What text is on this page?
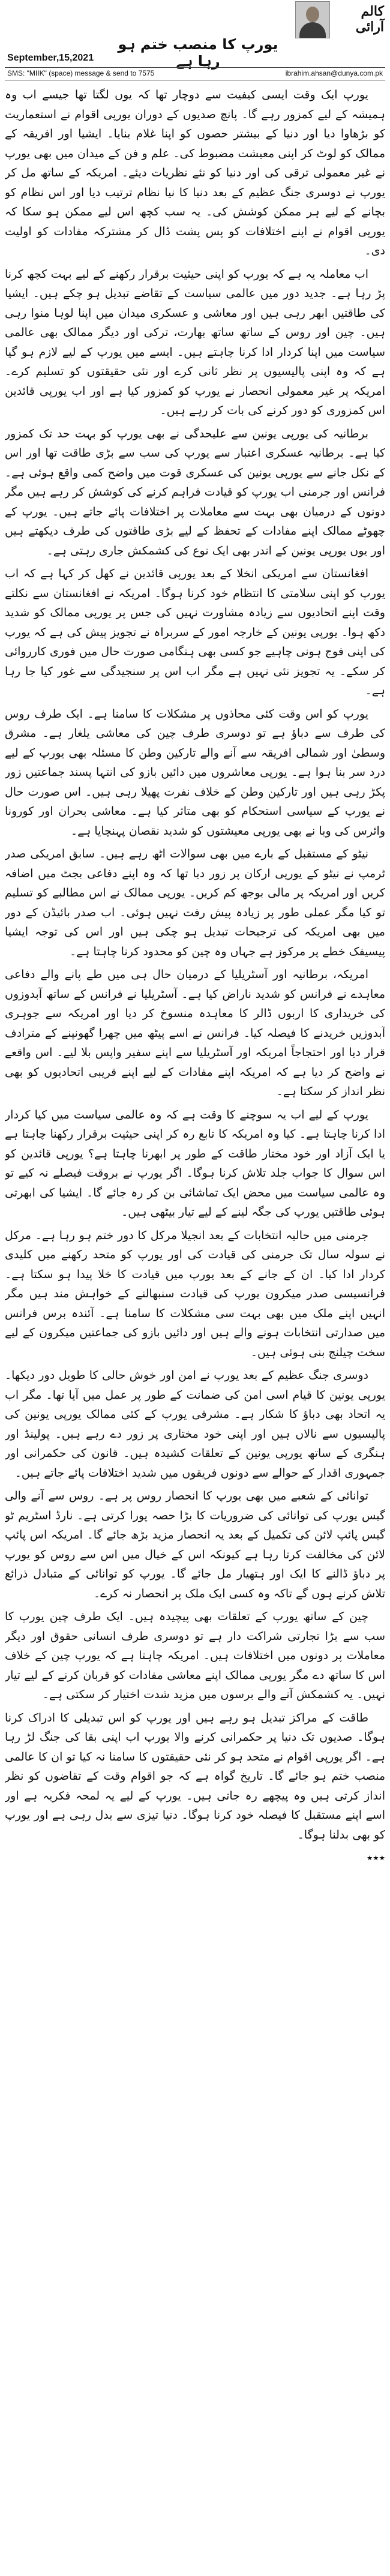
September,15,2021
کالم آرائی
یورپ کا منصب ختم ہو رہا ہے
SMS: "MIIK" (space) message & send to 7575	ibrahim.ahsan@dunya.com.pk

یورپ ایک وقت ایسی کیفیت سے دوچار تھا کہ یوں لگتا تھا جیسے اب وہ ہمیشہ کے لیے کمزور رہے گا۔ پانچ صدیوں کے دوران یورپی اقوام نے استعماریت کو بڑھاوا دیا اور دنیا کے بیشتر حصوں کو اپنا غلام بنایا۔ ایشیا اور افریقہ کے ممالک کو لوٹ کر اپنی معیشت مضبوط کی۔ علم و فن کے میدان میں بھی یورپ نے غیر معمولی ترقی کی اور دنیا کو نئے نظریات دیئے۔ امریکہ کے ساتھ مل کر یورپ نے دوسری جنگ عظیم کے بعد دنیا کا نیا نظام ترتیب دیا اور اس نظام کو بچانے کے لیے ہر ممکن کوشش کی۔ یہ سب کچھ اس لیے ممکن ہو سکا کہ یورپی اقوام نے اپنے اختلافات کو پس پشت ڈال کر مشترکہ مفادات کو اولیت دی۔

اب معاملہ یہ ہے کہ یورپ کو اپنی حیثیت برقرار رکھنے کے لیے بہت کچھ کرنا پڑ رہا ہے۔ جدید دور میں عالمی سیاست کے تقاضے تبدیل ہو چکے ہیں۔ ایشیا کی طاقتیں ابھر رہی ہیں اور معاشی و عسکری میدان میں اپنا لوہا منوا رہی ہیں۔ چین اور روس کے ساتھ ساتھ بھارت، ترکی اور دیگر ممالک بھی عالمی سیاست میں اپنا کردار ادا کرنا چاہتے ہیں۔ ایسے میں یورپ کے لیے لازم ہو گیا ہے کہ وہ اپنی پالیسیوں پر نظر ثانی کرے اور نئی حقیقتوں کو تسلیم کرے۔ امریکہ پر غیر معمولی انحصار نے یورپ کو کمزور کیا ہے اور اب یورپی قائدین اس کمزوری کو دور کرنے کی بات کر رہے ہیں۔

برطانیہ کی یورپی یونین سے علیحدگی نے بھی یورپ کو بہت حد تک کمزور کیا ہے۔ برطانیہ عسکری اعتبار سے یورپ کی سب سے بڑی طاقت تھا اور اس کے نکل جانے سے یورپی یونین کی عسکری قوت میں واضح کمی واقع ہوئی ہے۔ فرانس اور جرمنی اب یورپ کو قیادت فراہم کرنے کی کوشش کر رہے ہیں مگر دونوں کے درمیان بھی بہت سے معاملات پر اختلافات پائے جاتے ہیں۔ یورپ کے چھوٹے ممالک اپنے مفادات کے تحفظ کے لیے بڑی طاقتوں کی طرف دیکھتے ہیں اور یوں یورپی یونین کے اندر بھی ایک نوع کی کشمکش جاری رہتی ہے۔

افغانستان سے امریکی انخلا کے بعد یورپی قائدین نے کھل کر کہا ہے کہ اب یورپ کو اپنی سلامتی کا انتظام خود کرنا ہوگا۔ امریکہ نے افغانستان سے نکلتے وقت اپنے اتحادیوں سے زیادہ مشاورت نہیں کی جس پر یورپی ممالک کو شدید دکھ ہوا۔ یورپی یونین کے خارجہ امور کے سربراہ نے تجویز پیش کی ہے کہ یورپ کی اپنی فوج ہونی چاہیے جو کسی بھی ہنگامی صورت حال میں فوری کارروائی کر سکے۔ یہ تجویز نئی نہیں ہے مگر اب اس پر سنجیدگی سے غور کیا جا رہا ہے۔

یورپ کو اس وقت کئی محاذوں پر مشکلات کا سامنا ہے۔ ایک طرف روس کی طرف سے دباؤ ہے تو دوسری طرف چین کی معاشی یلغار ہے۔ مشرق وسطیٰ اور شمالی افریقہ سے آنے والے تارکین وطن کا مسئلہ بھی یورپ کے لیے درد سر بنا ہوا ہے۔ یورپی معاشروں میں دائیں بازو کی انتہا پسند جماعتیں زور پکڑ رہی ہیں اور تارکین وطن کے خلاف نفرت پھیلا رہی ہیں۔ اس صورت حال نے یورپ کے سیاسی استحکام کو بھی متاثر کیا ہے۔ معاشی بحران اور کورونا وائرس کی وبا نے بھی یورپی معیشتوں کو شدید نقصان پہنچایا ہے۔

نیٹو کے مستقبل کے بارے میں بھی سوالات اٹھ رہے ہیں۔ سابق امریکی صدر ٹرمپ نے نیٹو کے یورپی ارکان پر زور دیا تھا کہ وہ اپنے دفاعی بجٹ میں اضافہ کریں اور امریکہ پر مالی بوجھ کم کریں۔ یورپی ممالک نے اس مطالبے کو تسلیم تو کیا مگر عملی طور پر زیادہ پیش رفت نہیں ہوئی۔ اب صدر بائیڈن کے دور میں بھی امریکہ کی ترجیحات تبدیل ہو چکی ہیں اور اس کی توجہ ایشیا پیسیفک خطے پر مرکوز ہے جہاں وہ چین کو محدود کرنا چاہتا ہے۔

امریکہ، برطانیہ اور آسٹریلیا کے درمیان حال ہی میں طے پانے والے دفاعی معاہدے نے فرانس کو شدید ناراض کیا ہے۔ آسٹریلیا نے فرانس کے ساتھ آبدوزوں کی خریداری کا اربوں ڈالر کا معاہدہ منسوخ کر دیا اور امریکہ سے جوہری آبدوزیں خریدنے کا فیصلہ کیا۔ فرانس نے اسے پیٹھ میں چھرا گھونپنے کے مترادف قرار دیا اور احتجاجاً امریکہ اور آسٹریلیا سے اپنے سفیر واپس بلا لیے۔ اس واقعے نے واضح کر دیا ہے کہ امریکہ اپنے مفادات کے لیے اپنے قریبی اتحادیوں کو بھی نظر انداز کر سکتا ہے۔

یورپ کے لیے اب یہ سوچنے کا وقت ہے کہ وہ عالمی سیاست میں کیا کردار ادا کرنا چاہتا ہے۔ کیا وہ امریکہ کا تابع رہ کر اپنی حیثیت برقرار رکھنا چاہتا ہے یا ایک آزاد اور خود مختار طاقت کے طور پر ابھرنا چاہتا ہے؟ یورپی قائدین کو اس سوال کا جواب جلد تلاش کرنا ہوگا۔ اگر یورپ نے بروقت فیصلے نہ کیے تو وہ عالمی سیاست میں محض ایک تماشائی بن کر رہ جائے گا۔ ایشیا کی ابھرتی ہوئی طاقتیں یورپ کی جگہ لینے کے لیے تیار بیٹھی ہیں۔

جرمنی میں حالیہ انتخابات کے بعد انجیلا مرکل کا دور ختم ہو رہا ہے۔ مرکل نے سولہ سال تک جرمنی کی قیادت کی اور یورپ کو متحد رکھنے میں کلیدی کردار ادا کیا۔ ان کے جانے کے بعد یورپ میں قیادت کا خلا پیدا ہو سکتا ہے۔ فرانسیسی صدر میکرون یورپ کی قیادت سنبھالنے کے خواہش مند ہیں مگر انہیں اپنے ملک میں بھی بہت سی مشکلات کا سامنا ہے۔ آئندہ برس فرانس میں صدارتی انتخابات ہونے والے ہیں اور دائیں بازو کی جماعتیں میکرون کے لیے سخت چیلنج بنی ہوئی ہیں۔

دوسری جنگ عظیم کے بعد یورپ نے امن اور خوش حالی کا طویل دور دیکھا۔ یورپی یونین کا قیام اسی امن کی ضمانت کے طور پر عمل میں آیا تھا۔ مگر اب یہ اتحاد بھی دباؤ کا شکار ہے۔ مشرقی یورپ کے کئی ممالک یورپی یونین کی پالیسیوں سے نالاں ہیں اور اپنی خود مختاری پر زور دے رہے ہیں۔ پولینڈ اور ہنگری کے ساتھ یورپی یونین کے تعلقات کشیدہ ہیں۔ قانون کی حکمرانی اور جمہوری اقدار کے حوالے سے دونوں فریقوں میں شدید اختلافات پائے جاتے ہیں۔

توانائی کے شعبے میں بھی یورپ کا انحصار روس پر ہے۔ روس سے آنے والی گیس یورپ کی توانائی کی ضروریات کا بڑا حصہ پورا کرتی ہے۔ نارڈ اسٹریم ٹو گیس پائپ لائن کی تکمیل کے بعد یہ انحصار مزید بڑھ جائے گا۔ امریکہ اس پائپ لائن کی مخالفت کرتا رہا ہے کیونکہ اس کے خیال میں اس سے روس کو یورپ پر دباؤ ڈالنے کا ایک اور ہتھیار مل جائے گا۔ یورپ کو توانائی کے متبادل ذرائع تلاش کرنے ہوں گے تاکہ وہ کسی ایک ملک پر انحصار نہ کرے۔

چین کے ساتھ یورپ کے تعلقات بھی پیچیدہ ہیں۔ ایک طرف چین یورپ کا سب سے بڑا تجارتی شراکت دار ہے تو دوسری طرف انسانی حقوق اور دیگر معاملات پر دونوں میں اختلافات ہیں۔ امریکہ چاہتا ہے کہ یورپ چین کے خلاف اس کا ساتھ دے مگر یورپی ممالک اپنے معاشی مفادات کو قربان کرنے کے لیے تیار نہیں۔ یہ کشمکش آنے والے برسوں میں مزید شدت اختیار کر سکتی ہے۔

طاقت کے مراکز تبدیل ہو رہے ہیں اور یورپ کو اس تبدیلی کا ادراک کرنا ہوگا۔ صدیوں تک دنیا پر حکمرانی کرنے والا یورپ اب اپنی بقا کی جنگ لڑ رہا ہے۔ اگر یورپی اقوام نے متحد ہو کر نئی حقیقتوں کا سامنا نہ کیا تو ان کا عالمی منصب ختم ہو جائے گا۔ تاریخ گواہ ہے کہ جو اقوام وقت کے تقاضوں کو نظر انداز کرتی ہیں وہ پیچھے رہ جاتی ہیں۔ یورپ کے لیے یہ لمحہ فکریہ ہے اور اسے اپنے مستقبل کا فیصلہ خود کرنا ہوگا۔ دنیا تیزی سے بدل رہی ہے اور یورپ کو بھی بدلنا ہوگا۔

٭٭٭
